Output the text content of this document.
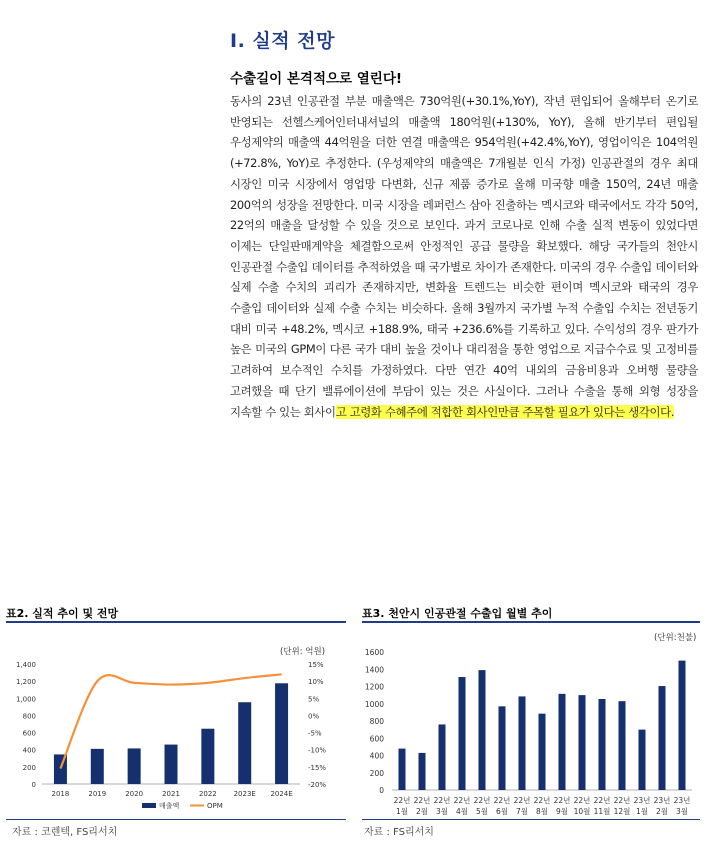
I. 실적 전망
수출길이 본격적으로 열린다!
동사의 23년 인공관절 부분 매출액은 730억원(+30.1%,YoY), 작년 편입되어 올해부터 온기로 반영되는 선헬스케어인터내셔널의 매출액 180억원(+130%, YoY), 올해 반기부터 편입될 우성제약의 매출액 44억원을 더한 연결 매출액은 954억원(+42.4%,YoY), 영업이익은 104억원(+72.8%, YoY)로 추정한다. (우성제약의 매출액은 7개월분 인식 가정) 인공관절의 경우 최대 시장인 미국 시장에서 영업망 다변화, 신규 제품 증가로 올해 미국향 매출 150억, 24년 매출 200억의 성장을 전망한다. 미국 시장을 레퍼런스 삼아 진출하는 멕시코와 태국에서도 각각 50억, 22억의 매출을 달성할 수 있을 것으로 보인다. 과거 코로나로 인해 수출 실적 변동이 있었다면 이제는 단일판매계약을 체결함으로써 안정적인 공급 물량을 확보했다. 해당 국가들의 천안시 인공관절 수출입 데이터를 추적하였을 때 국가별로 차이가 존재한다. 미국의 경우 수출입 데이터와 실제 수출 수치의 괴리가 존재하지만, 변화율 트렌드는 비슷한 편이며 멕시코와 태국의 경우 수출입 데이터와 실제 수출 수치는 비슷하다. 올해 3월까지 국가별 누적 수출입 수치는 전년동기 대비 미국 +48.2%, 멕시코 +188.9%, 태국 +236.6%를 기록하고 있다. 수익성의 경우 판가가 높은 미국의 GPM이 다른 국가 대비 높을 것이나 대리점을 통한 영업으로 지급수수료 및 고정비를 고려하여 보수적인 수치를 가정하였다. 다만 연간 40억 내외의 금융비용과 오버행 물량을 고려했을 때 단기 밸류에이션에 부담이 있는 것은 사실이다. 그러나 수출을 통해 외형 성장을 지속할 수 있는 회사이고 고령화 수혜주에 적합한 회사인만큼 주목할 필요가 있다는 생각이다.
표2. 실적 추이 및 전망
(단위: 억원)
0
200
400
600
800
1,000
1,200
1,400
-20%
-15%
-10%
-5%
0%
5%
10%
15%
2018	2019	2020	2021	2022 2023E 2024E
매출액	OPM
자료 : 코렌텍, FS리서치
표3. 천안시 인공관절 수출입 월별 추이
(단위:천불)
0
200
400
600
800
1000
1200
1400
1600
22년
1월
22년
2월
22년
3월
22년
4월
22년
5월
22년
6월
22년
7월
22년
8월
22년
9월
22년
10월
22년
11월
22년
12월
23년
1월
23년
2월
23년
3월
자료 : FS리서치
